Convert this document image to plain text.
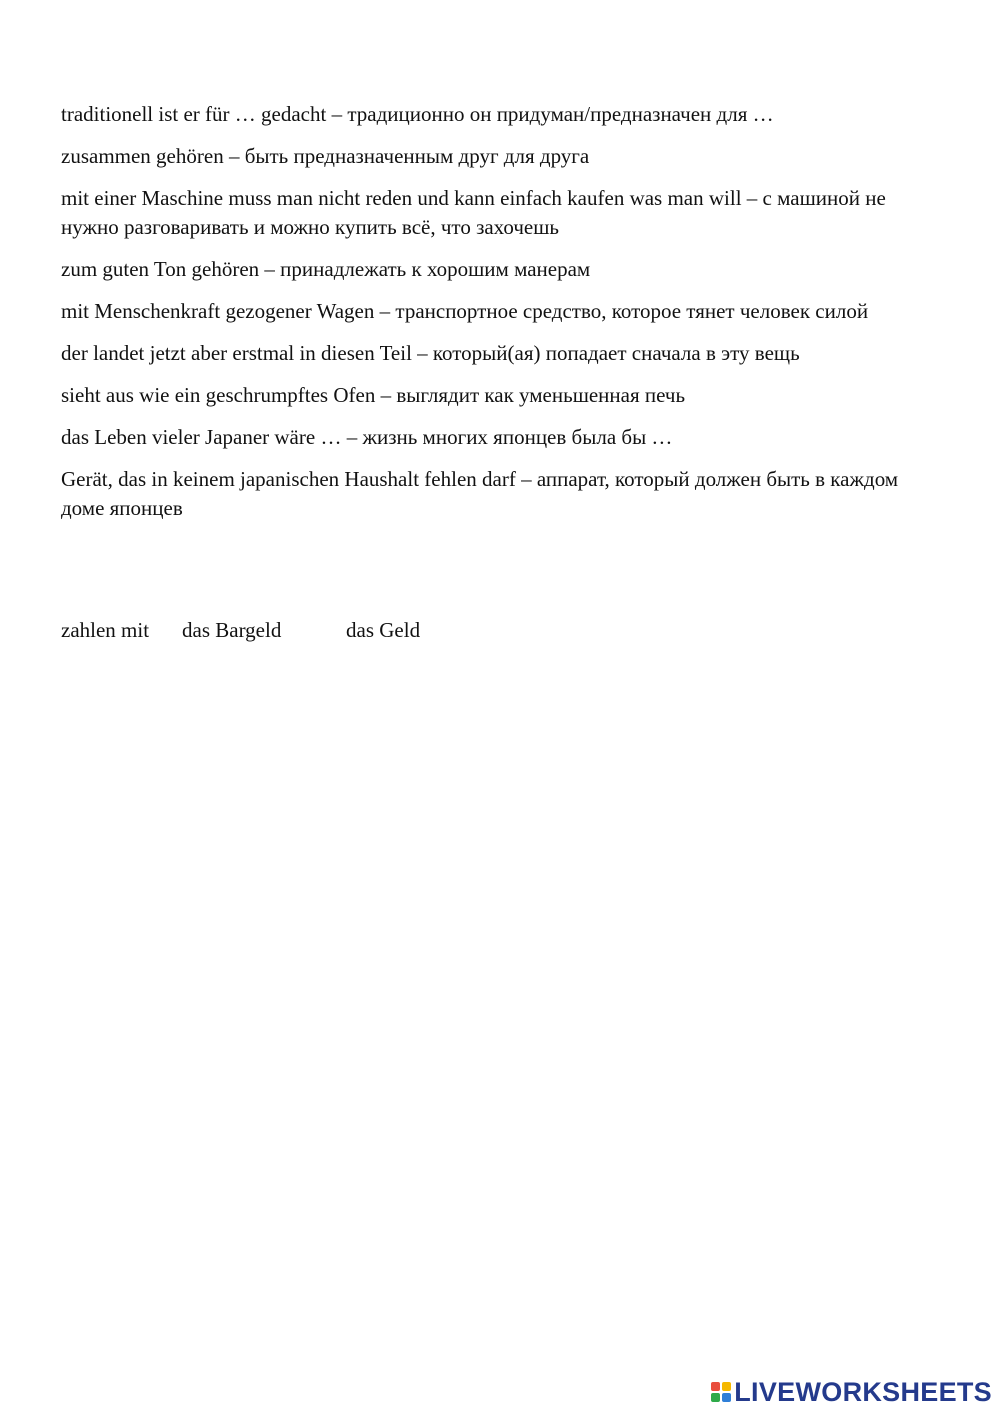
traditionell ist er für … gedacht – традиционно он придуман/предназначен для …
zusammen gehören – быть предназначенным друг для друга
mit einer Maschine muss man nicht reden und kann einfach kaufen was man will – с машиной не нужно разговаривать и можно купить всё, что захочешь
zum guten Ton gehören – принадлежать к хорошим манерам
mit Menschenkraft gezogener Wagen – транспортное средство, которое тянет человек силой
der landet jetzt aber erstmal in diesen Teil – который(ая) попадает сначала в эту вещь
sieht aus wie ein geschrumpftes Ofen – выглядит как уменьшенная печь
das Leben vieler Japaner wäre … – жизнь многих японцев была бы …
Gerät, das in keinem japanischen Haushalt fehlen darf – аппарат, который должен быть в каждом доме японцев
zahlen mit das Bargeld	das Geld
LIVEWORKSHEETS
